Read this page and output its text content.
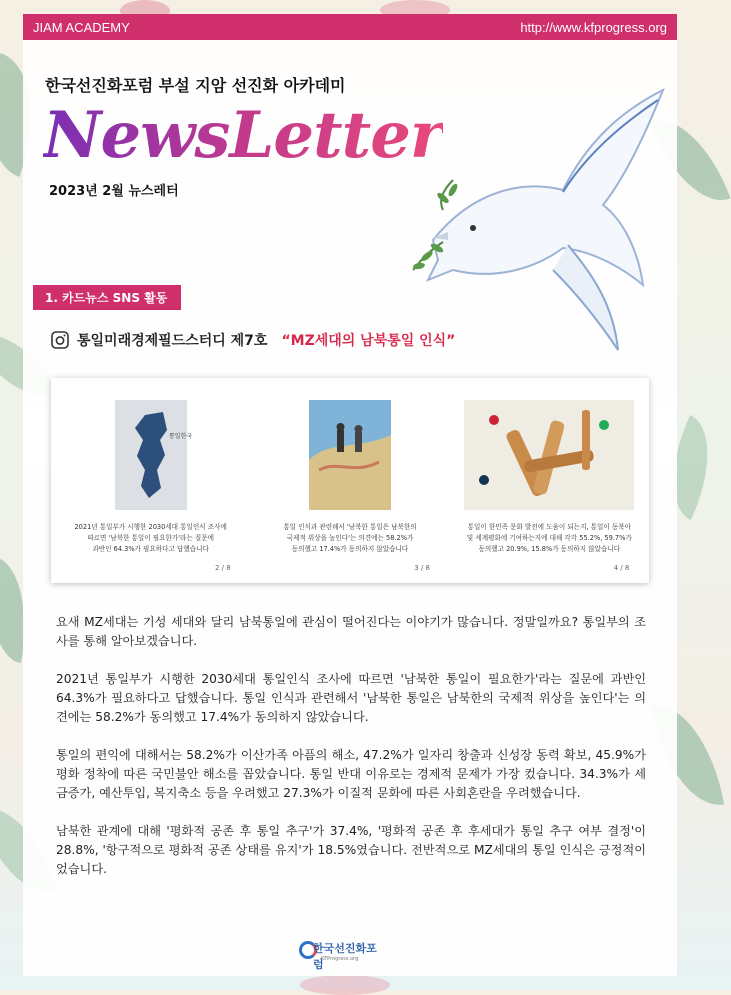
JIAM ACADEMY	http://www.kfprogress.org
한국선진화포럼 부설 지암 선진화 아카데미
NewsLetter
2023년 2월 뉴스레터
1. 카드뉴스 SNS 활동
통일미래경제필드스터디 제7호 “MZ세대의 남북통일 인식”
통일한국
2021년 통일부가 시행한 2030세대 통일인식 조사에
따르면 '남북한 통일이 필요한가'라는 질문에
과반인 64.3%가 필요하다고 답했습니다
2 / 8
통일 인식과 관련해서 '남북한 통일은 남북한의
국제적 위상을 높인다'는 의견에는 58.2%가
동의했고 17.4%가 동의하지 않았습니다
3 / 8
통일이 한민족 문화 발전에 도움이 되는지, 통일이 동북아
및 세계평화에 기여하는지에 대해 각각 55.2%, 59.7%가
동의했고 20.9%, 15.8%가 동의하지 않았습니다
4 / 8

요새 MZ세대는 기성 세대와 달리 남북통일에 관심이 떨어진다는 이야기가 많습니다. 정말일까요? 통일부의 조사를 통해 알아보겠습니다.

2021년 통일부가 시행한 2030세대 통일인식 조사에 따르면 '남북한 통일이 필요한가'라는 질문에 과반인 64.3%가 필요하다고 답했습니다. 통일 인식과 관련해서 '남북한 통일은 남북한의 국제적 위상을 높인다'는 의견에는 58.2%가 동의했고 17.4%가 동의하지 않았습니다.

통일의 편익에 대해서는 58.2%가 이산가족 아픔의 해소, 47.2%가 일자리 창출과 신성장 동력 확보, 45.9%가 평화 정착에 따른 국민불안 해소를 꼽았습니다. 통일 반대 이유로는 경제적 문제가 가장 컸습니다. 34.3%가 세금증가, 예산투입, 복지축소 등을 우려했고 27.3%가 이질적 문화에 따른 사회혼란을 우려했습니다.

남북한 관계에 대해 '평화적 공존 후 통일 추구'가 37.4%, '평화적 공존 후 후세대가 통일 추구 여부 결정'이 28.8%, '항구적으로 평화적 공존 상태를 유지'가 18.5%였습니다. 전반적으로 MZ세대의 통일 인식은 긍정적이었습니다.

한국선진화포럼
KFProgress.org
